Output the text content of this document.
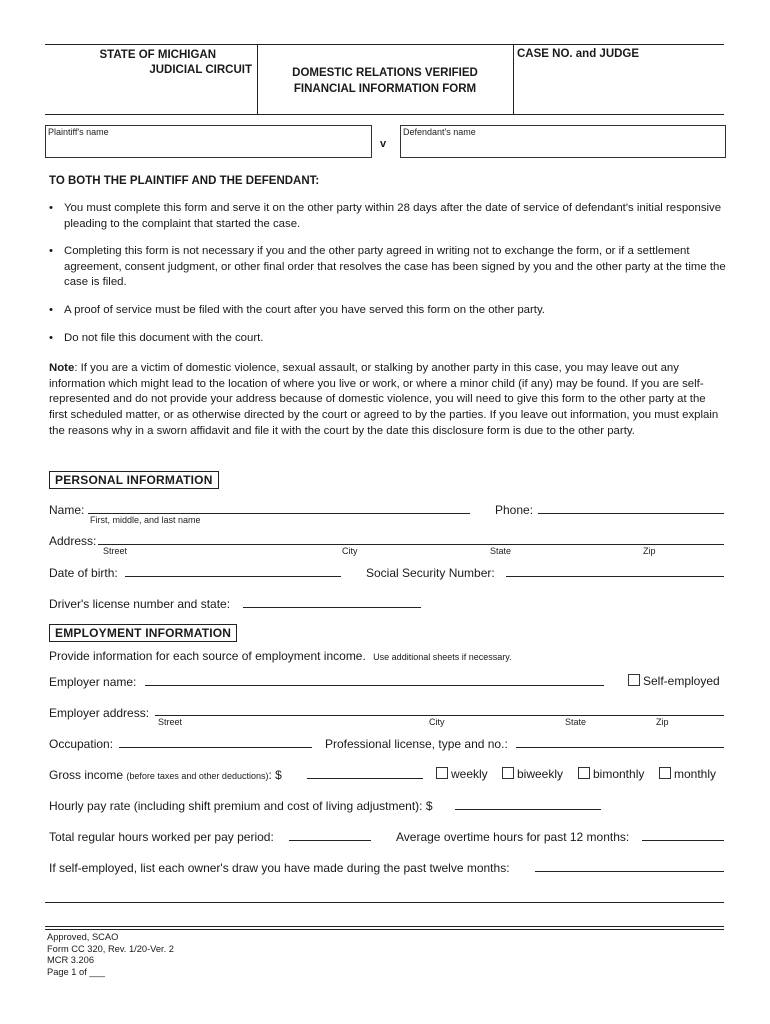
STATE OF MICHIGAN
JUDICIAL CIRCUIT	DOMESTIC RELATIONS VERIFIED
FINANCIAL INFORMATION FORM
CASE NO. and JUDGE
Plaintiff's name
v
Defendant's name
TO BOTH THE PLAINTIFF AND THE DEFENDANT:
• You must complete this form and serve it on the other party within 28 days after the date of service of defendant's initial responsive pleading to the complaint that started the case.
• Completing this form is not necessary if you and the other party agreed in writing not to exchange the form, or if a settlement agreement, consent judgment, or other final order that resolves the case has been signed by you and the other party at the time the case is filed.
• A proof of service must be filed with the court after you have served this form on the other party.
• Do not file this document with the court.
Note: If you are a victim of domestic violence, sexual assault, or stalking by another party in this case, you may leave out any information which might lead to the location of where you live or work, or where a minor child (if any) may be found. If you are self-represented and do not provide your address because of domestic violence, you will need to give this form to the other party at the first scheduled matter, or as otherwise directed by the court or agreed to by the parties. If you leave out information, you must explain the reasons why in a sworn affidavit and file it with the court by the date this disclosure form is due to the other party.
PERSONAL INFORMATION
Name:
First, middle, and last name
Phone:
Address:
Street	City	State	Zip
Date of birth:	Social Security Number:
Driver's license number and state:
EMPLOYMENT INFORMATION
Provide information for each source of employment income. Use additional sheets if necessary.
Employer name:	Self-employed
Employer address:
Street	City	State	Zip
Occupation:	Professional license, type and no.:
Gross income (before taxes and other deductions): $	weekly	biweekly	bimonthly	monthly
Hourly pay rate (including shift premium and cost of living adjustment): $
Total regular hours worked per pay period:	Average overtime hours for past 12 months:
If self-employed, list each owner's draw you have made during the past twelve months:
Approved, SCAO
Form CC 320, Rev. 1/20-Ver. 2
MCR 3.206
Page 1 of ___
